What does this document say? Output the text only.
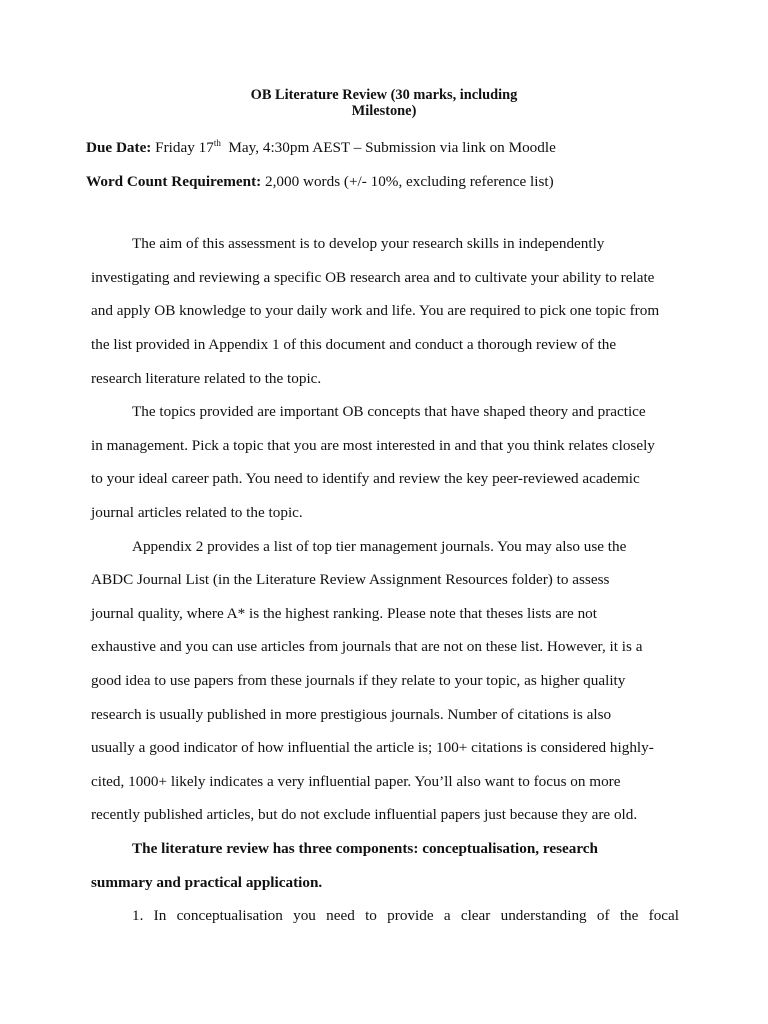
OB Literature Review (30 marks, including
Milestone)
Due Date: Friday 17th  May, 4:30pm AEST – Submission via link on Moodle
Word Count Requirement: 2,000 words (+/- 10%, excluding reference list)
The aim of this assessment is to develop your research skills in independently
investigating and reviewing a specific OB research area and to cultivate your ability to relate
and apply OB knowledge to your daily work and life. You are required to pick one topic from
the list provided in Appendix 1 of this document and conduct a thorough review of the
research literature related to the topic.
The topics provided are important OB concepts that have shaped theory and practice
in management. Pick a topic that you are most interested in and that you think relates closely
to your ideal career path. You need to identify and review the key peer-reviewed academic
journal articles related to the topic.
Appendix 2 provides a list of top tier management journals. You may also use the
ABDC Journal List (in the Literature Review Assignment Resources folder) to assess
journal quality, where A* is the highest ranking. Please note that theses lists are not
exhaustive and you can use articles from journals that are not on these list. However, it is a
good idea to use papers from these journals if they relate to your topic, as higher quality
research is usually published in more prestigious journals. Number of citations is also
usually a good indicator of how influential the article is; 100+ citations is considered highly-
cited, 1000+ likely indicates a very influential paper. You’ll also want to focus on more
recently published articles, but do not exclude influential papers just because they are old.
The literature review has three components: conceptualisation, research
summary and practical application.
1.  In  conceptualisation  you  need  to  provide  a  clear  understanding  of  the  focal
